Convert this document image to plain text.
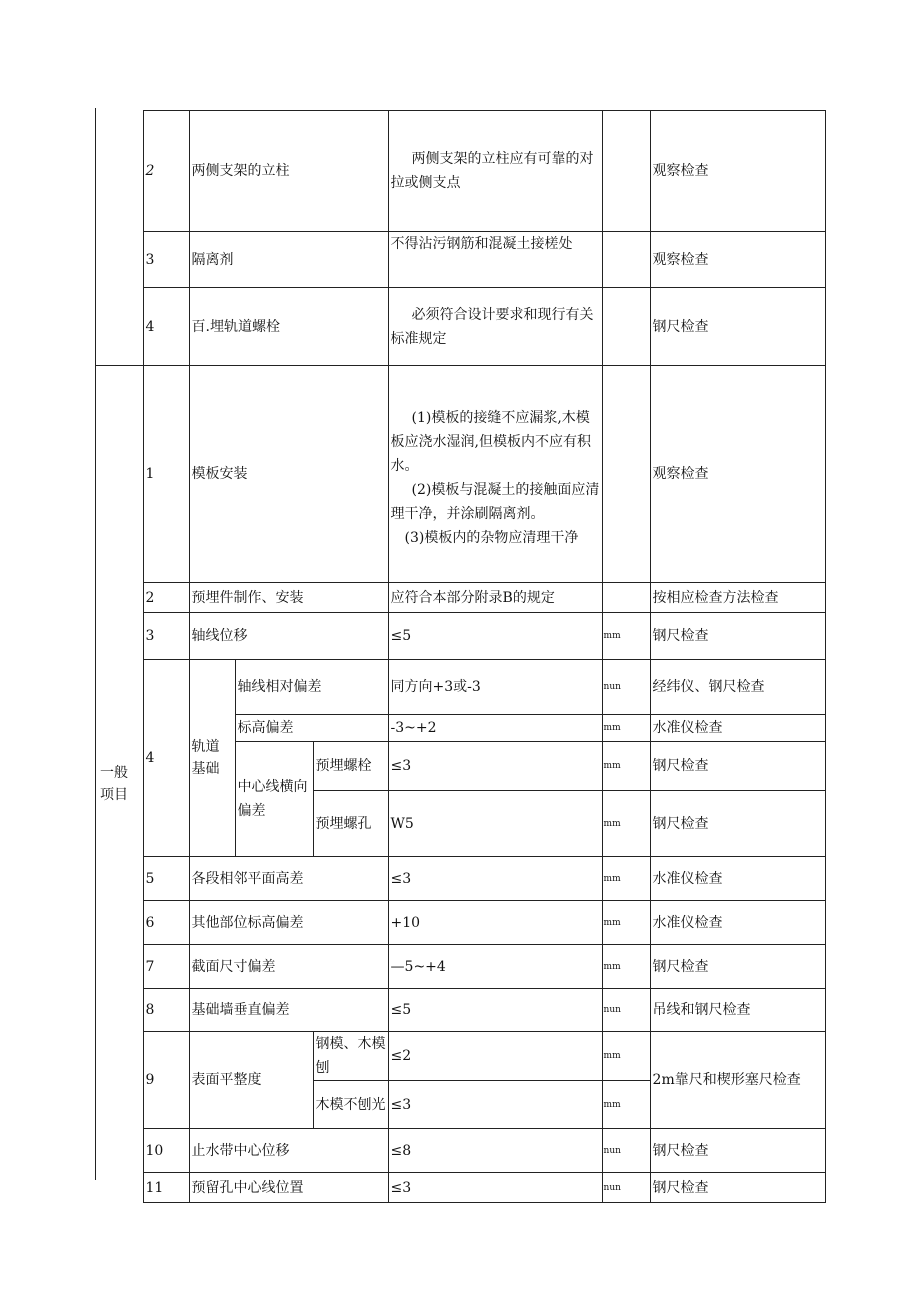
	2	两侧支架的立柱			两侧支架的立柱应有可靠的对拉或侧支点		观察检查
	3	隔离剂			不得沾污钢筋和混凝土接槎处		观察检查
	4	百.埋轨道螺栓			必须符合设计要求和现行有关标准规定		钢尺检查

一般项目	1	模板安装			(1)模板的接缝不应漏浆,木模板应浇水湿润,但模板内不应有积水。
(2)模板与混凝土的接触面应清理干净，并涂刷隔离剂。
(3)模板内的杂物应清理干净		观察检查
	2	预埋件制作、安装			应符合本部分附录B的规定		按相应检查方法检查
	3	轴线位移			≤5	mm	钢尺检查
	4	轨道基础	轴线相对偏差		同方向+3或-3	nun	经纬仪、钢尺检查
			标高偏差		-3~+2	mm	水准仪检查

			中心线横向偏差	预埋螺栓	≤3	mm	钢尺检查
				预埋螺孔	W5	mm	钢尺检查
	5	各段相邻平面高差			≤3	mm	水准仪检查
	6	其他部位标高偏差			+10	mm	水准仪检查
	7	截面尺寸偏差			—5~+4	mm	钢尺检查
	8	基础墙垂直偏差			≤5	nun	吊线和钢尺检查
	9	表面平整度		钢模、木模刨	≤2	mm	2m靠尺和楔形塞尺检查
				木模不刨光	≤3	mm	
	10	止水带中心位移			≤8	nun	钢尺检查
	11	预留孔中心线位置			≤3	nun	钢尺检查
